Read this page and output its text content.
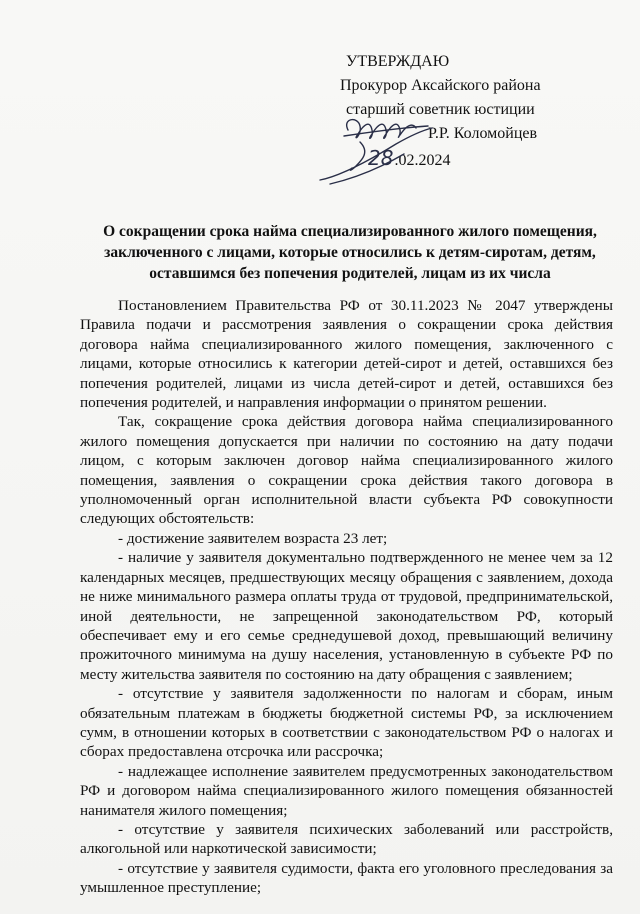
УТВЕРЖДАЮ
Прокурор Аксайского района
старший советник юстиции
Р.Р. Коломойцев
28.02.2024
О сокращении срока найма специализированного жилого помещения, заключенного с лицами, которые относились к детям-сиротам, детям, оставшимся без попечения родителей, лицам из их числа

Постановлением Правительства РФ от 30.11.2023 № 2047 утверждены Правила подачи и рассмотрения заявления о сокращении срока действия договора найма специализированного жилого помещения, заключенного с лицами, которые относились к категории детей-сирот и детей, оставшихся без попечения родителей, лицами из числа детей-сирот и детей, оставшихся без попечения родителей, и направления информации о принятом решении.

Так, сокращение срока действия договора найма специализированного жилого помещения допускается при наличии по состоянию на дату подачи лицом, с которым заключен договор найма специализированного жилого помещения, заявления о сокращении срока действия такого договора в уполномоченный орган исполнительной власти субъекта РФ совокупности следующих обстоятельств:

- достижение заявителем возраста 23 лет;

- наличие у заявителя документально подтвержденного не менее чем за 12 календарных месяцев, предшествующих месяцу обращения с заявлением, дохода не ниже минимального размера оплаты труда от трудовой, предпринимательской, иной деятельности, не запрещенной законодательством РФ, который обеспечивает ему и его семье среднедушевой доход, превышающий величину прожиточного минимума на душу населения, установленную в субъекте РФ по месту жительства заявителя по состоянию на дату обращения с заявлением;

- отсутствие у заявителя задолженности по налогам и сборам, иным обязательным платежам в бюджеты бюджетной системы РФ, за исключением сумм, в отношении которых в соответствии с законодательством РФ о налогах и сборах предоставлена отсрочка или рассрочка;

- надлежащее исполнение заявителем предусмотренных законодательством РФ и договором найма специализированного жилого помещения обязанностей нанимателя жилого помещения;

- отсутствие у заявителя психических заболеваний или расстройств, алкогольной или наркотической зависимости;

- отсутствие у заявителя судимости, факта его уголовного преследования за умышленное преступление;
